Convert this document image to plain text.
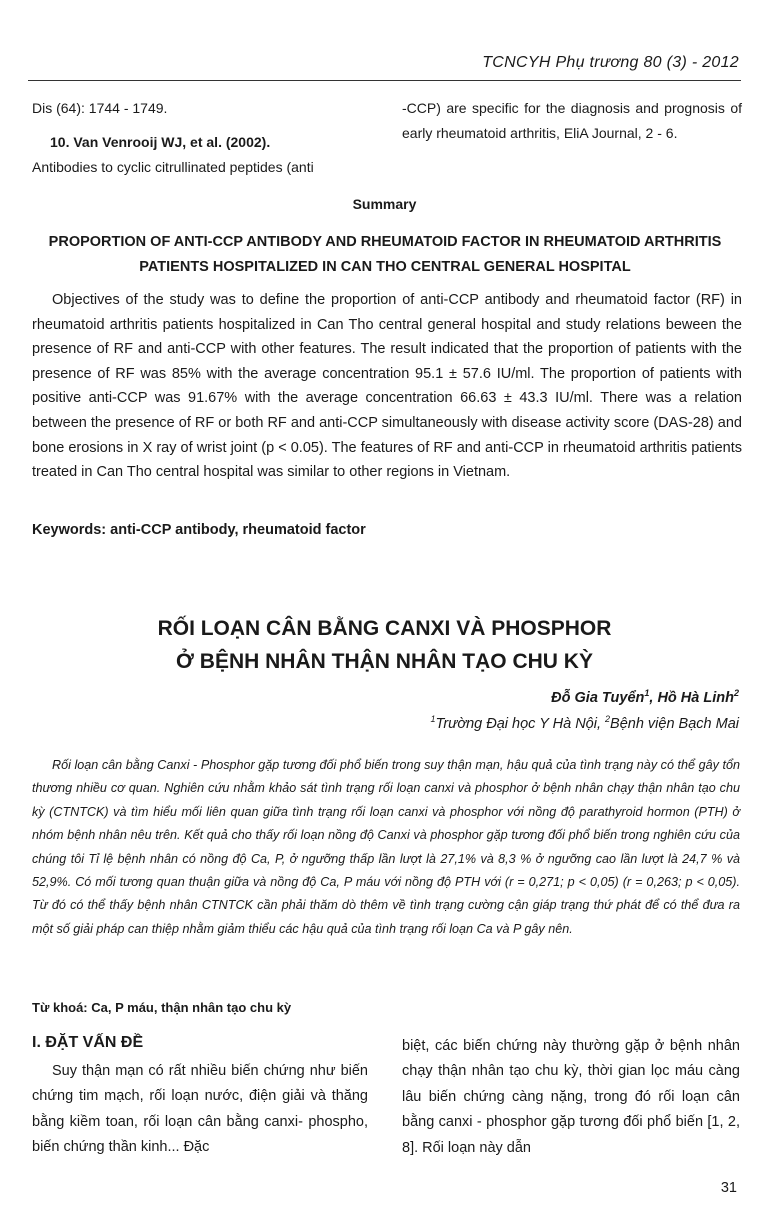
TCNCYH Phụ trương 80 (3) - 2012
Dis (64): 1744 - 1749.
10. Van Venrooij WJ, et al. (2002).
Antibodies to cyclic citrullinated peptides (anti
-CCP) are specific for the diagnosis and prognosis of early rheumatoid arthritis, EliA Journal, 2 - 6.
Summary
PROPORTION OF ANTI-CCP ANTIBODY AND RHEUMATOID FACTOR IN RHEUMATOID ARTHRITIS PATIENTS HOSPITALIZED IN CAN THO CENTRAL GENERAL HOSPITAL
Objectives of the study was to define the proportion of anti-CCP antibody and rheumatoid factor (RF) in rheumatoid arthritis patients hospitalized in Can Tho central general hospital and study relations beween the presence of RF and anti-CCP with other features. The result indicated that the proportion of patients with the presence of RF was 85% with the average concentration 95.1 ± 57.6 IU/ml. The proportion of patients with positive anti-CCP was 91.67% with the average concentration 66.63 ± 43.3 IU/ml. There was a relation between the presence of RF or both RF and anti-CCP simultaneously with disease activity score (DAS-28) and bone erosions in X ray of wrist joint (p < 0.05). The features of RF and anti-CCP in rheumatoid arthritis patients treated in Can Tho central hospital was similar to other regions in Vietnam.
Keywords: anti-CCP antibody, rheumatoid factor
RỐI LOẠN CÂN BẰNG CANXI VÀ PHOSPHOR
Ở BỆNH NHÂN THẬN NHÂN TẠO CHU KỲ
Đỗ Gia Tuyển$^1$, Hồ Hà Linh$^2$
$^1$Trường Đại học Y Hà Nội, $^2$Bệnh viện Bạch Mai
Rối loạn cân bằng Canxi - Phosphor gặp tương đối phổ biến trong suy thận mạn, hậu quả của tình trạng này có thể gây tổn thương nhiều cơ quan. Nghiên cứu nhằm khảo sát tình trạng rối loạn canxi và phosphor ở bệnh nhân chạy thận nhân tạo chu kỳ (CTNTCK) và tìm hiểu mối liên quan giữa tình trạng rối loạn canxi và phosphor với nồng độ parathyroid hormon (PTH) ở nhóm bệnh nhân nêu trên. Kết quả cho thấy rối loạn nồng độ Canxi và phosphor gặp tương đối phổ biến trong nghiên cứu của chúng tôi Tỉ lệ bệnh nhân có nồng độ Ca, P, ở ngưỡng thấp lần lượt là 27,1% và 8,3 % ở ngưỡng cao lần lượt là 24,7 % và 52,9%. Có mối tương quan thuận giữa và nồng độ Ca, P máu với nồng độ PTH với (r = 0,271; p < 0,05) (r = 0,263; p < 0,05). Từ đó có thể thấy bệnh nhân CTNTCK cần phải thăm dò thêm về tình trạng cường cận giáp trạng thứ phát để có thể đưa ra một số giải pháp can thiệp nhằm giảm thiểu các hậu quả của tình trạng rối loạn Ca và P gây nên.
Từ khoá: Ca, P máu, thận nhân tạo chu kỳ
I. ĐẶT VẤN ĐỀ
Suy thận mạn có rất nhiều biến chứng như biến chứng tim mạch, rối loạn nước, điện giải và thăng bằng kiềm toan, rối loạn cân bằng canxi- phospho, biến chứng thần kinh... Đặc
biệt, các biến chứng này thường gặp ở bệnh nhân chạy thận nhân tạo chu kỳ, thời gian lọc máu càng lâu biến chứng càng nặng, trong đó rối loạn cân bằng canxi - phosphor gặp tương đối phổ biến [1, 2, 8]. Rối loạn này dẫn
31
